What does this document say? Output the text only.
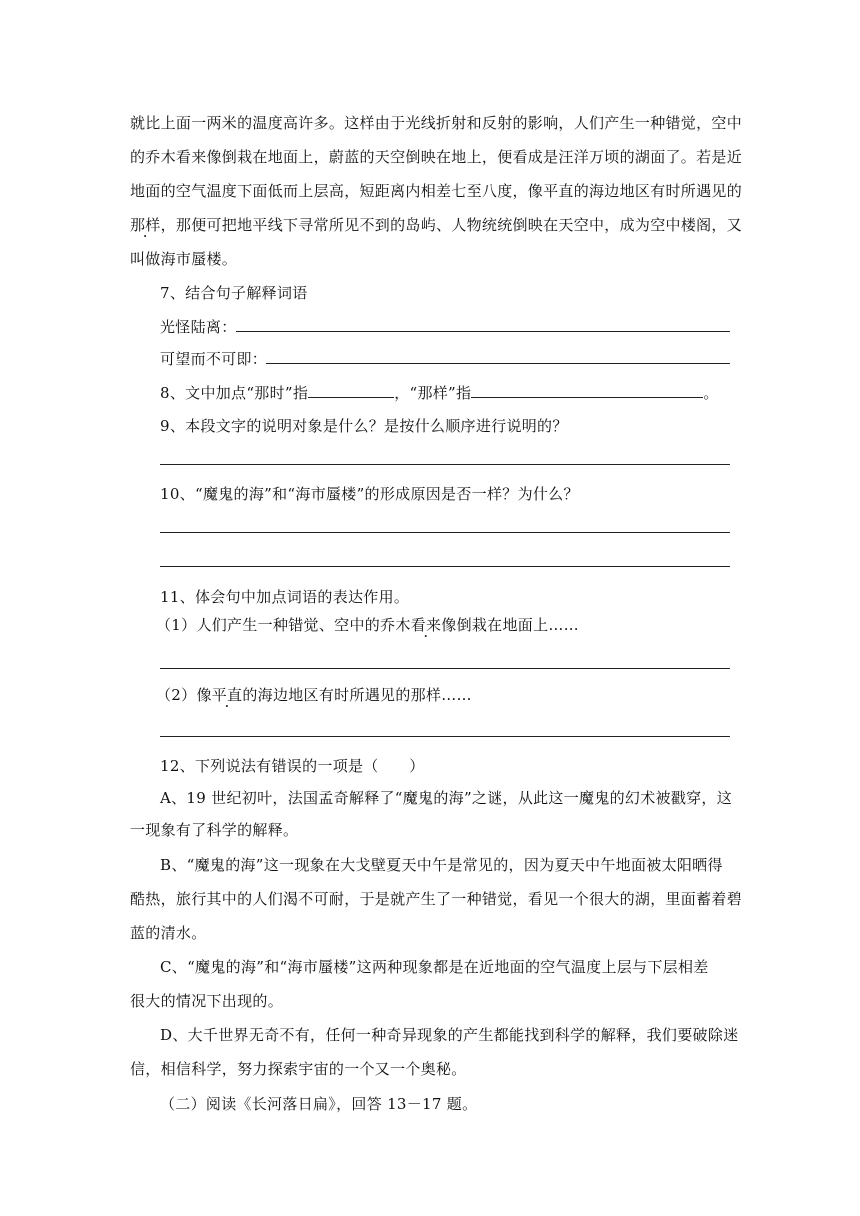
就比上面一两米的温度高许多。这样由于光线折射和反射的影响，人们产生一种错觉，空中
的乔木看来像倒栽在地面上，蔚蓝的天空倒映在地上，便看成是汪洋万顷的湖面了。若是近
地面的空气温度下面低而上层高，短距离内相差七至八度，像平直的海边地区有时所遇见的
那样，那便可把地平线下寻常所见不到的岛屿、人物统统倒映在天空中，成为空中楼阁，又
叫做海市蜃楼。
7、结合句子解释词语
光怪陆离：
可望而不可即：
8、文中加点“那时”指	，“那样”指	。
9、本段文字的说明对象是什么？是按什么顺序进行说明的？
10、“魔鬼的海”和“海市蜃楼”的形成原因是否一样？为什么？
11、体会句中加点词语的表达作用。
（1）人们产生一种错觉、空中的乔木看来像倒栽在地面上……
（2）像平直的海边地区有时所遇见的那样……
12、下列说法有错误的一项是（　　）
A、19 世纪初叶，法国孟奇解释了“魔鬼的海”之谜，从此这一魔鬼的幻术被戳穿，这
一现象有了科学的解释。
B、“魔鬼的海”这一现象在大戈壁夏天中午是常见的，因为夏天中午地面被太阳晒得
酷热，旅行其中的人们渴不可耐，于是就产生了一种错觉，看见一个很大的湖，里面蓄着碧
蓝的清水。
C、“魔鬼的海”和“海市蜃楼”这两种现象都是在近地面的空气温度上层与下层相差
很大的情况下出现的。
D、大千世界无奇不有，任何一种奇异现象的产生都能找到科学的解释，我们要破除迷
信，相信科学，努力探索宇宙的一个又一个奥秘。
（二）阅读《长河落日扁》，回答 13－17 题。
